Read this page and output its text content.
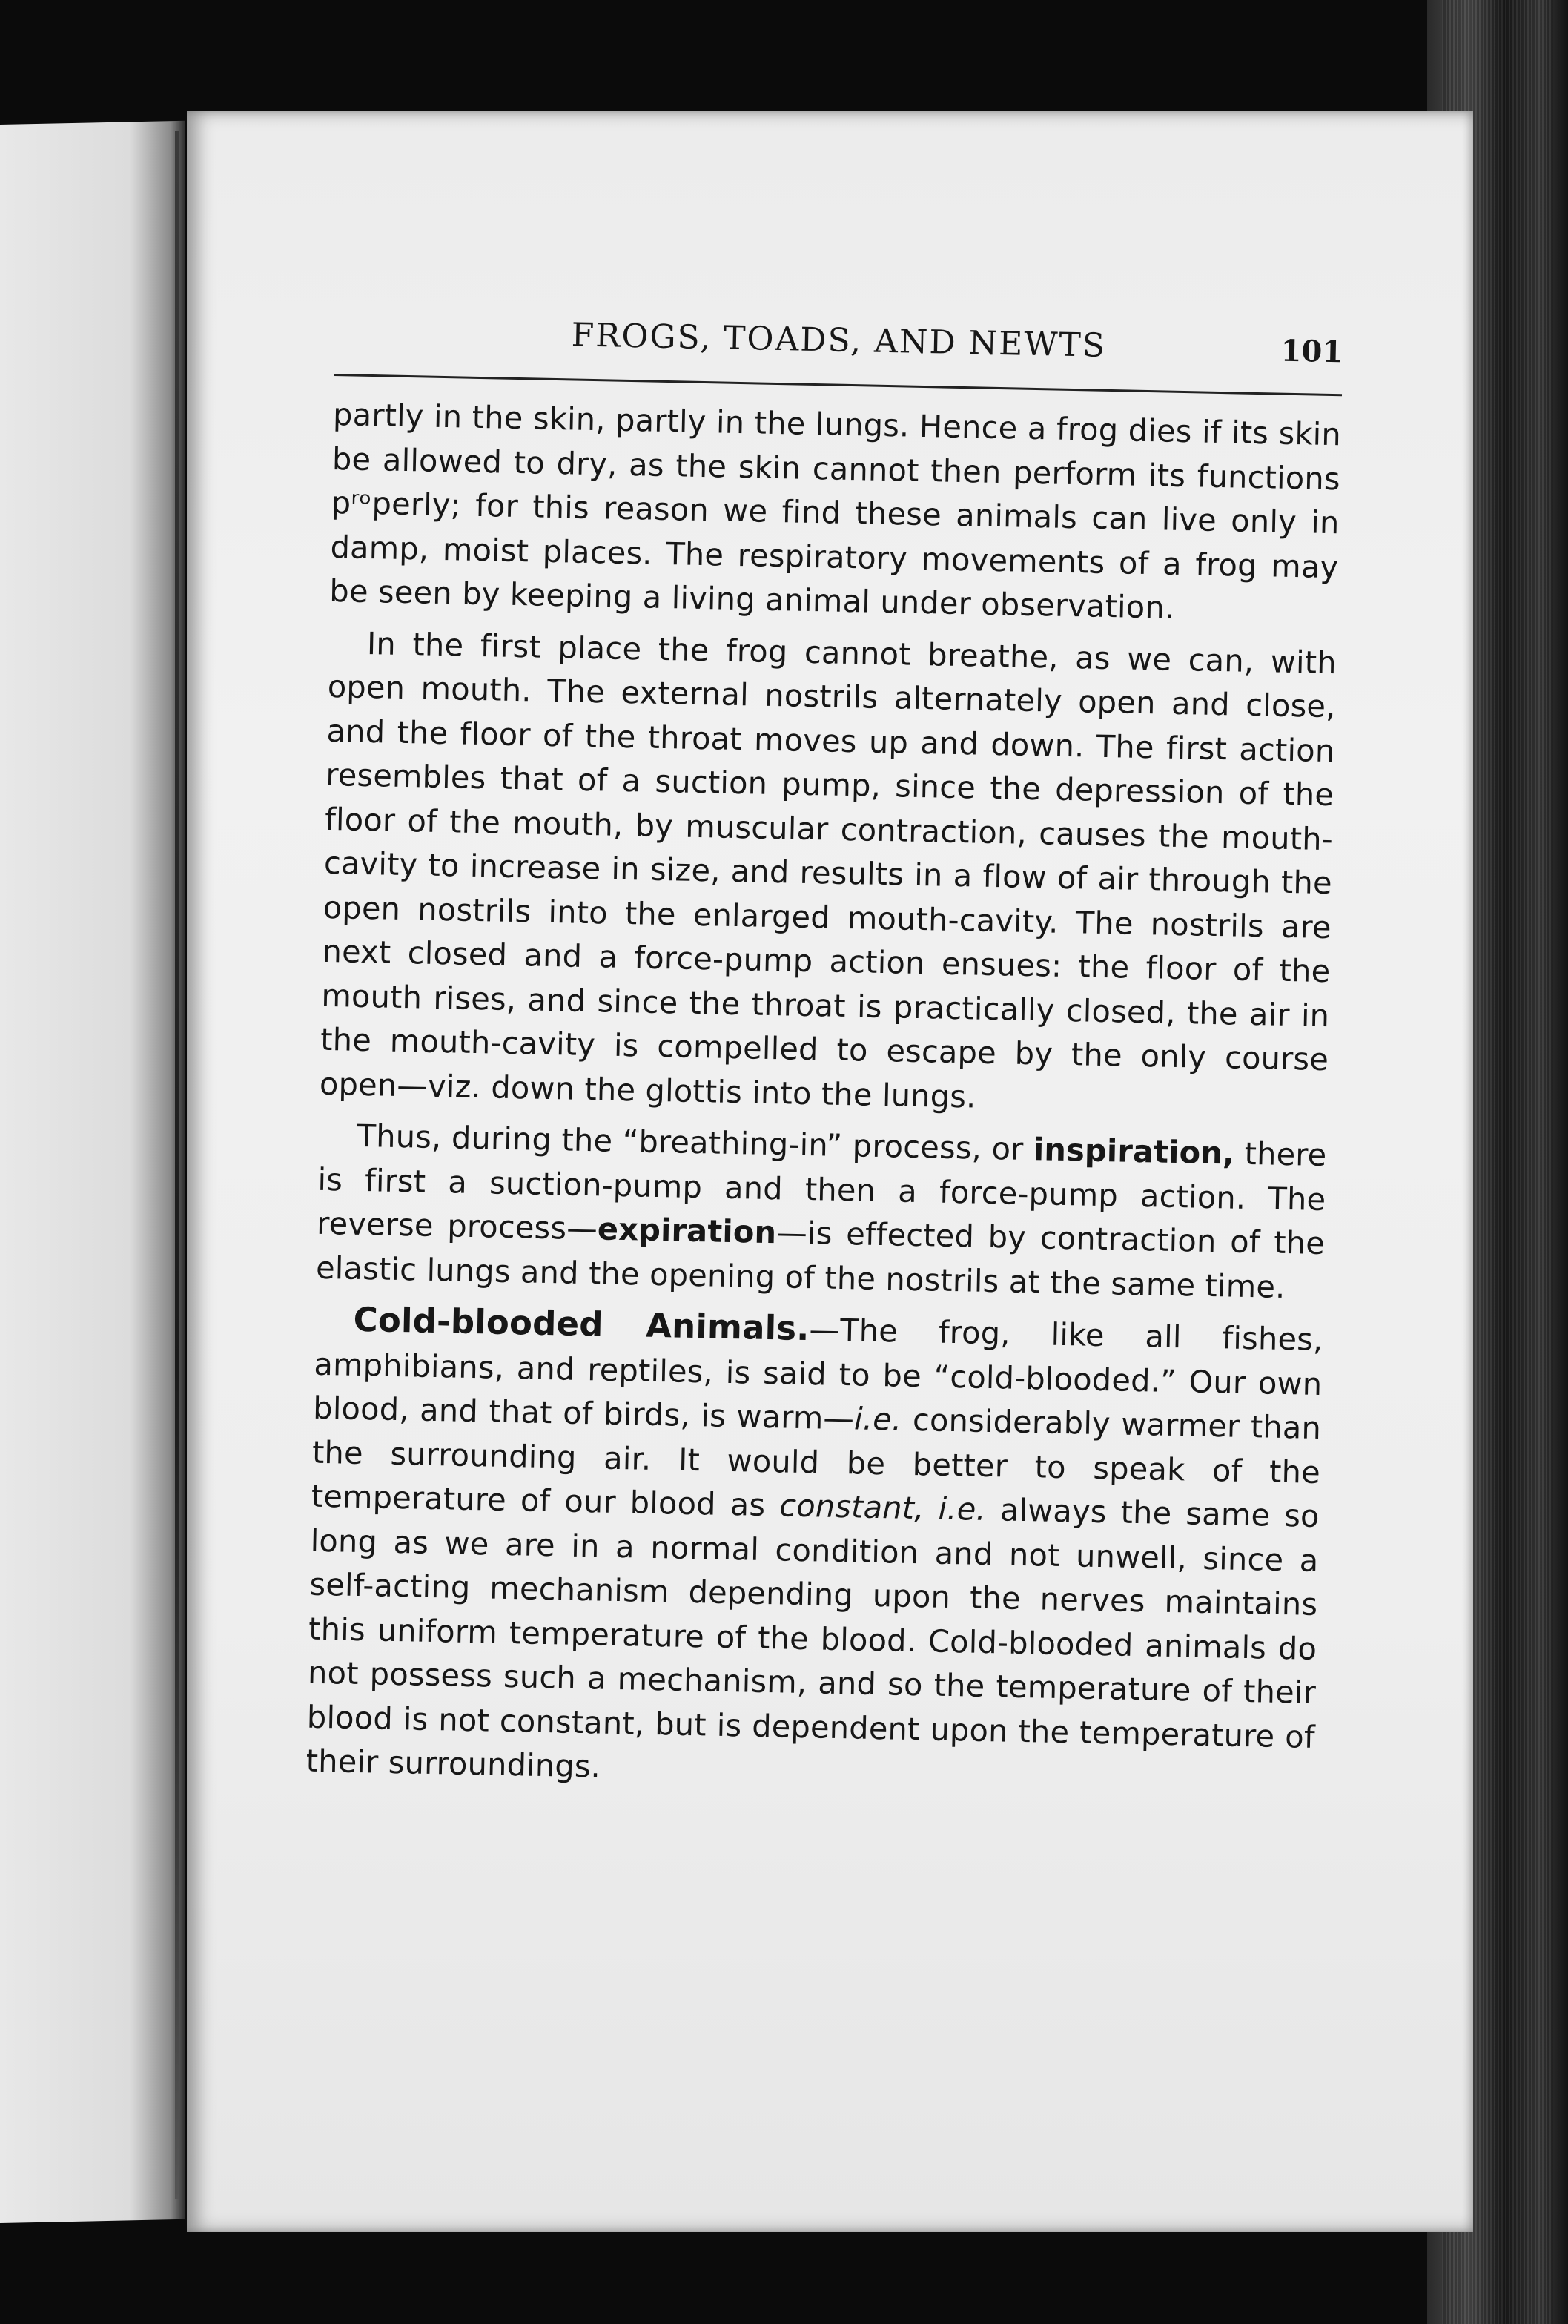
FROGS, TOADS, AND NEWTS	101

partly in the skin, partly in the lungs. Hence a frog dies if its skin be allowed to dry, as the skin cannot then perform its functions pʳᵒperly; for this reason we find these animals can live only in damp, moist places. The respiratory movements of a frog may be seen by keeping a living animal under observation.

In the first place the frog cannot breathe, as we can, with open mouth. The external nostrils alternately open and close, and the floor of the throat moves up and down. The first action resembles that of a suction pump, since the depression of the floor of the mouth, by muscular contraction, causes the mouth-cavity to increase in size, and results in a flow of air through the open nostrils into the enlarged mouth-cavity. The nostrils are next closed and a force-pump action ensues: the floor of thе mouth rises, and since the throat is practically closed, the air in the mouth-cavity is compelled to escape by the only course open—viz. down the glottis into the lungs.

Thus, during the “breathing-in” process, or inspiration, there is first a suction-pump and then a force-pump action. The reverse process—expiration—is effected by contraction of the elastic lungs and the opening of the nostrils at the same time.

Cold-blooded Animals.—The frog, like all fishes, amphibians, and reptiles, is said to be “cold-blooded.” Our own blood, and that of birds, is warm—i.e. considerably warmer than the surrounding air. It would be better to speak of the temperature of our blood as constant, i.e. always the same so long as we are in a normal condition and not unwell, since a self-acting mechanism depending upon the nerves maintains this uniform temperature of the blood. Cold-blooded animals do not possess such a mechanism, and so the temperature of their blood is not constant, but is dependent upon the temperature of their surroundings.
